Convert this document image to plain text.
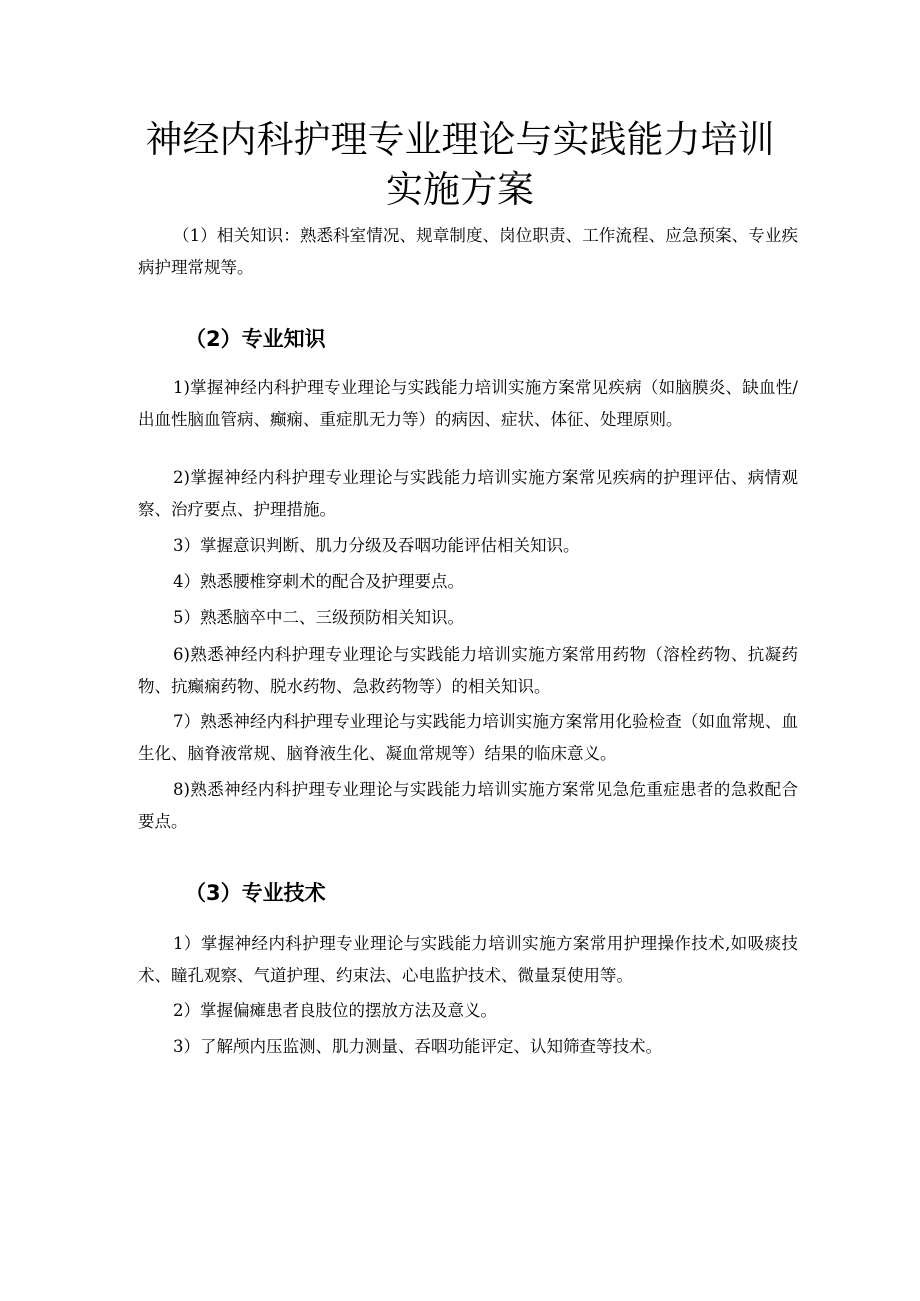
神经内科护理专业理论与实践能力培训
实施方案

（1）相关知识：熟悉科室情况、规章制度、岗位职责、工作流程、应急预案、专业疾病护理常规等。

（2）专业知识

1)掌握神经内科护理专业理论与实践能力培训实施方案常见疾病（如脑膜炎、缺血性/出血性脑血管病、癫痫、重症肌无力等）的病因、症状、体征、处理原则。

2)掌握神经内科护理专业理论与实践能力培训实施方案常见疾病的护理评估、病情观察、治疗要点、护理措施。

3）掌握意识判断、肌力分级及吞咽功能评估相关知识。

4）熟悉腰椎穿刺术的配合及护理要点。

5）熟悉脑卒中二、三级预防相关知识。

6)熟悉神经内科护理专业理论与实践能力培训实施方案常用药物（溶栓药物、抗凝药物、抗癫痫药物、脱水药物、急救药物等）的相关知识。

7）熟悉神经内科护理专业理论与实践能力培训实施方案常用化验检查（如血常规、血生化、脑脊液常规、脑脊液生化、凝血常规等）结果的临床意义。

8)熟悉神经内科护理专业理论与实践能力培训实施方案常见急危重症患者的急救配合要点。

（3）专业技术

1）掌握神经内科护理专业理论与实践能力培训实施方案常用护理操作技术,如吸痰技术、瞳孔观察、气道护理、约束法、心电监护技术、微量泵使用等。

2）掌握偏瘫患者良肢位的摆放方法及意义。

3）了解颅内压监测、肌力测量、吞咽功能评定、认知筛查等技术。
